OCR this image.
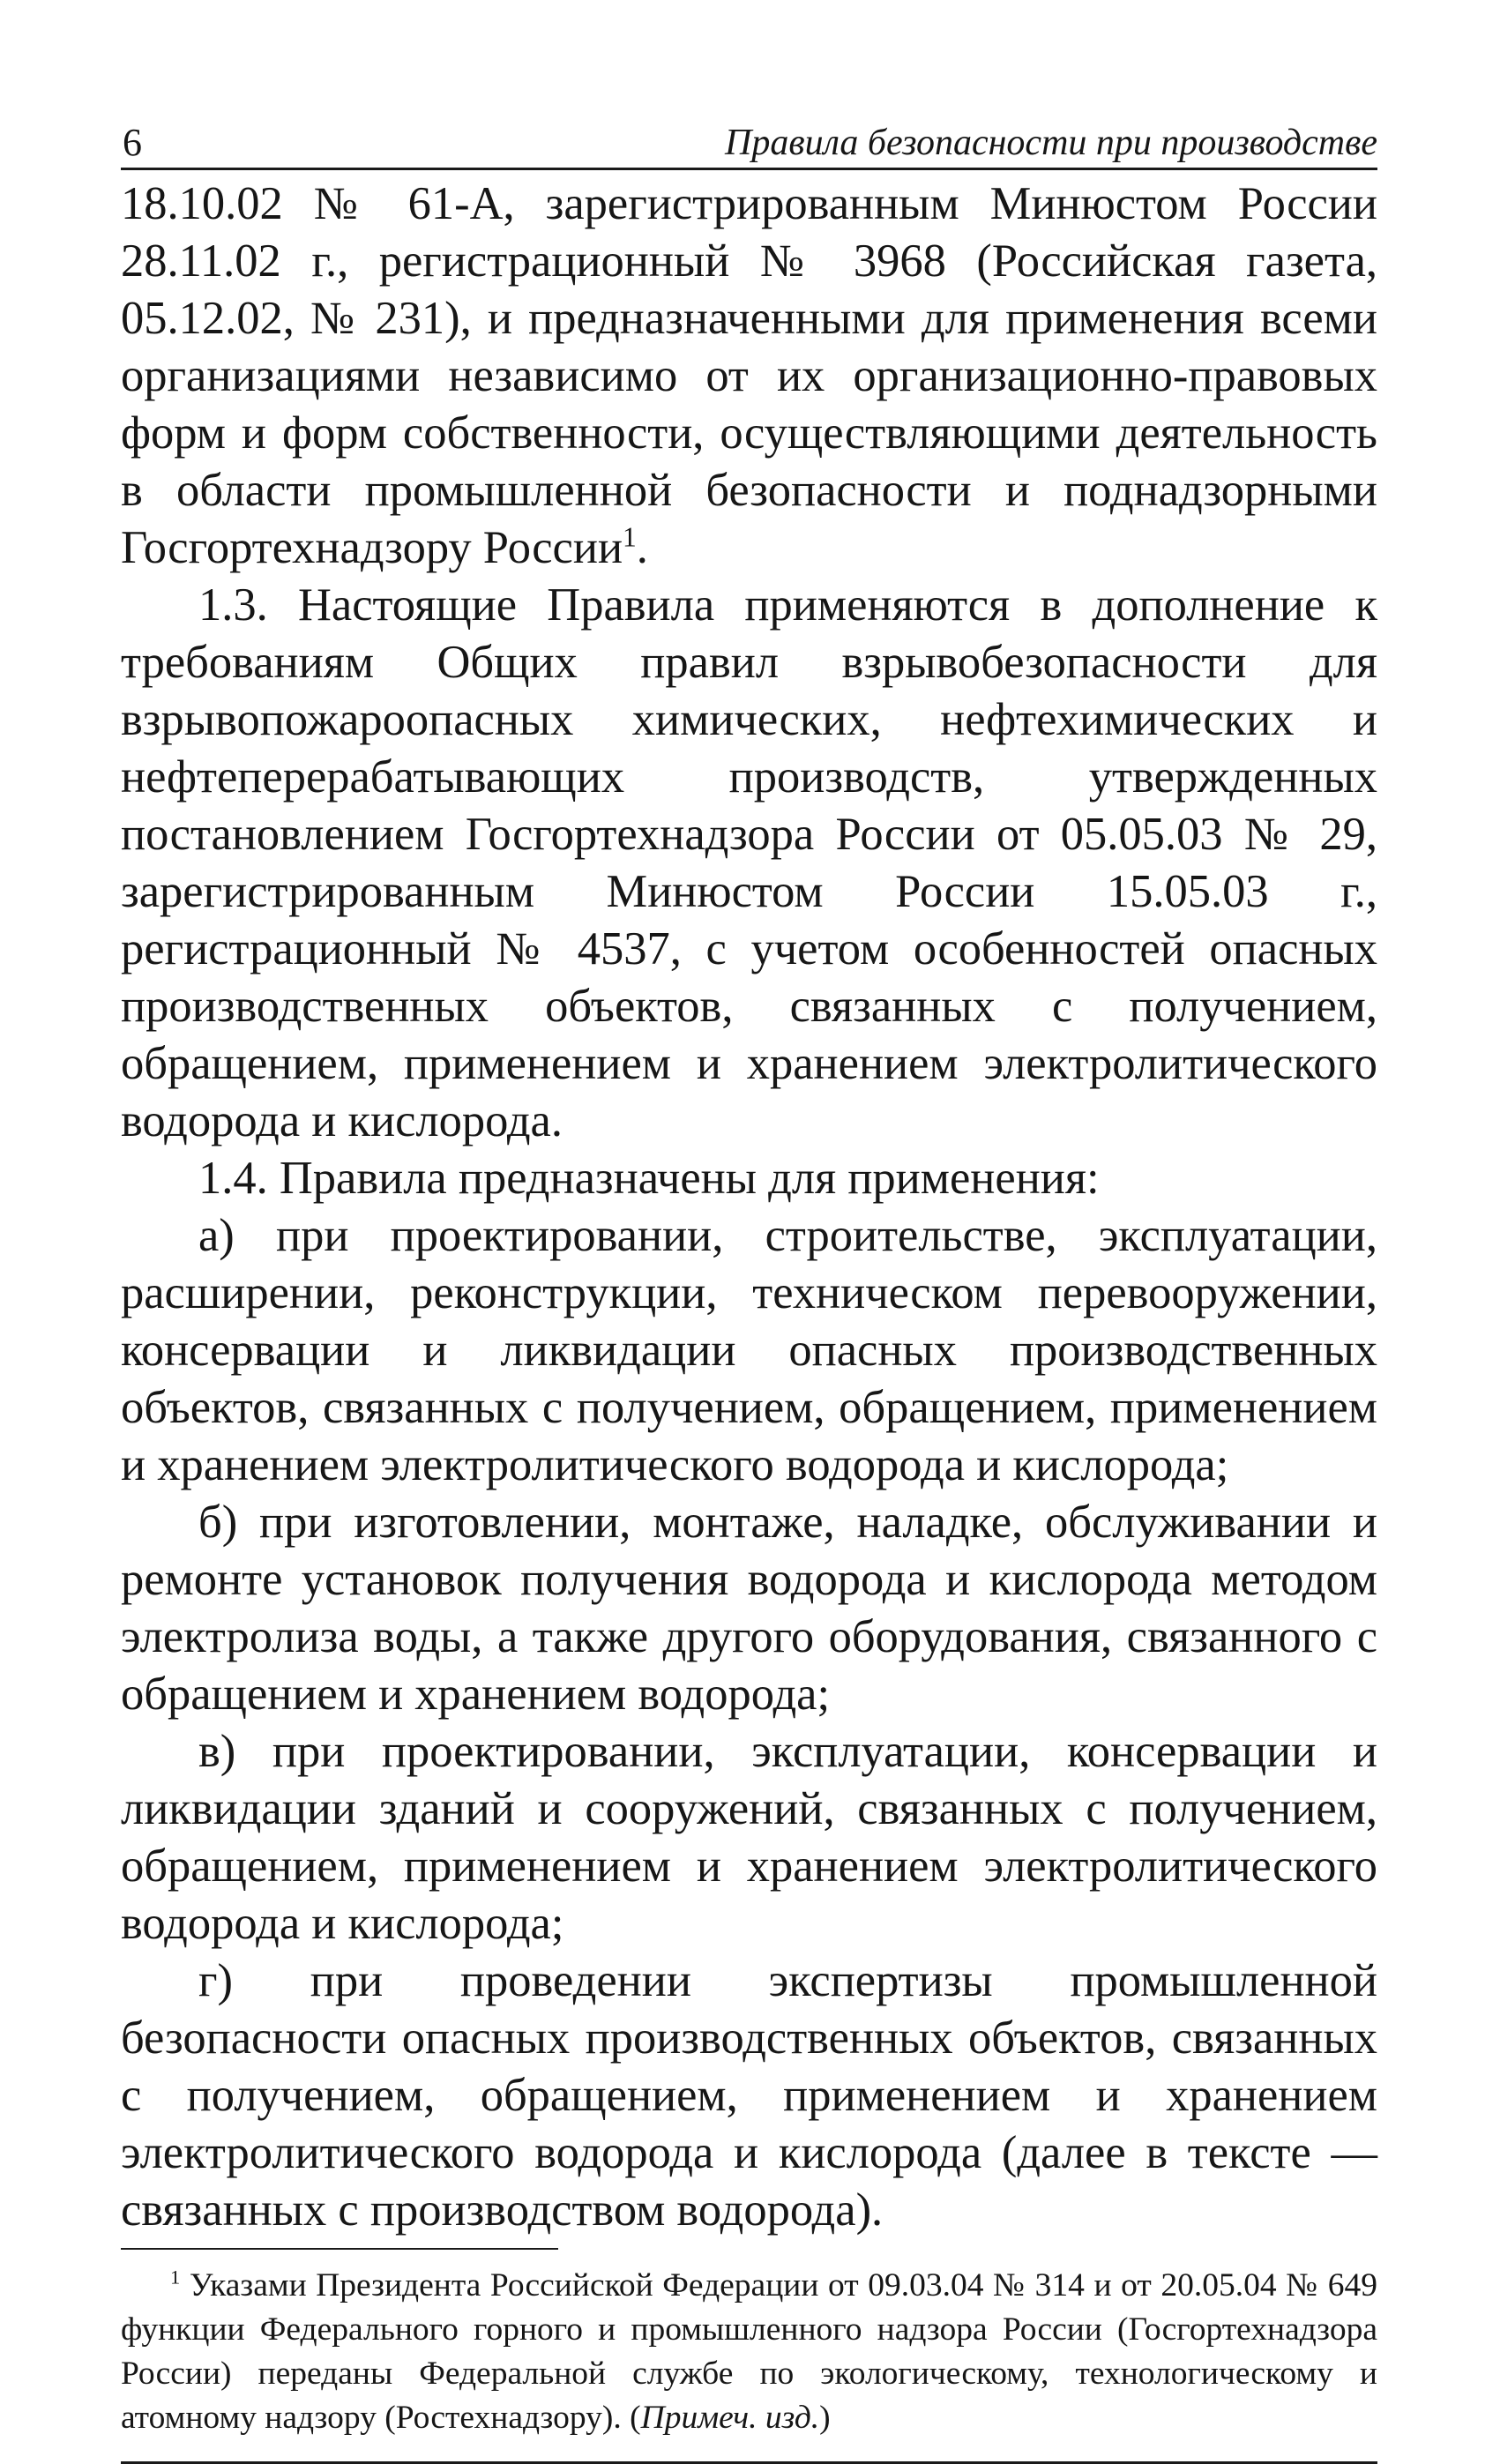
6	Правила безопасности при производстве

18.10.02 № 61-А, зарегистрированным Минюстом России 28.11.02 г., регистрационный № 3968 (Российская газета, 05.12.02, № 231), и предназначенными для применения всеми организациями независимо от их организационно-правовых форм и форм собственности, осуществляющими деятельность в области промышленной безопасности и поднадзорными Госгортехнадзору России$^1$.

1.3. Настоящие Правила применяются в дополнение к требованиям Общих правил взрывобезопасности для взрывопожароопасных химических, нефтехимических и нефтеперерабатывающих производств, утвержденных постановлением Госгортехнадзора России от 05.05.03 № 29, зарегистрированным Минюстом России 15.05.03 г., регистрационный № 4537, с учетом особенностей опасных производственных объектов, связанных с получением, обращением, применением и хранением электролитического водорода и кислорода.

1.4. Правила предназначены для применения:

а) при проектировании, строительстве, эксплуатации, расширении, реконструкции, техническом перевооружении, консервации и ликвидации опасных производственных объектов, связанных с получением, обращением, применением и хранением электролитического водорода и кислорода;

б) при изготовлении, монтаже, наладке, обслуживании и ремонте установок получения водорода и кислорода методом электролиза воды, а также другого оборудования, связанного с обращением и хранением водорода;

в) при проектировании, эксплуатации, консервации и ликвидации зданий и сооружений, связанных с получением, обращением, применением и хранением электролитического водорода и кислорода;

г) при проведении экспертизы промышленной безопасности опасных производственных объектов, связанных с получением, обращением, применением и хранением электролитического водорода и кислорода (далее в тексте — связанных с производством водорода).

$^1$ Указами Президента Российской Федерации от 09.03.04 № 314 и от 20.05.04 № 649 функции Федерального горного и промышленного надзора России (Госгортехнадзора России) переданы Федеральной службе по экологическому, технологическому и атомному надзору (Ростехнадзору). (Примеч. изд.)
